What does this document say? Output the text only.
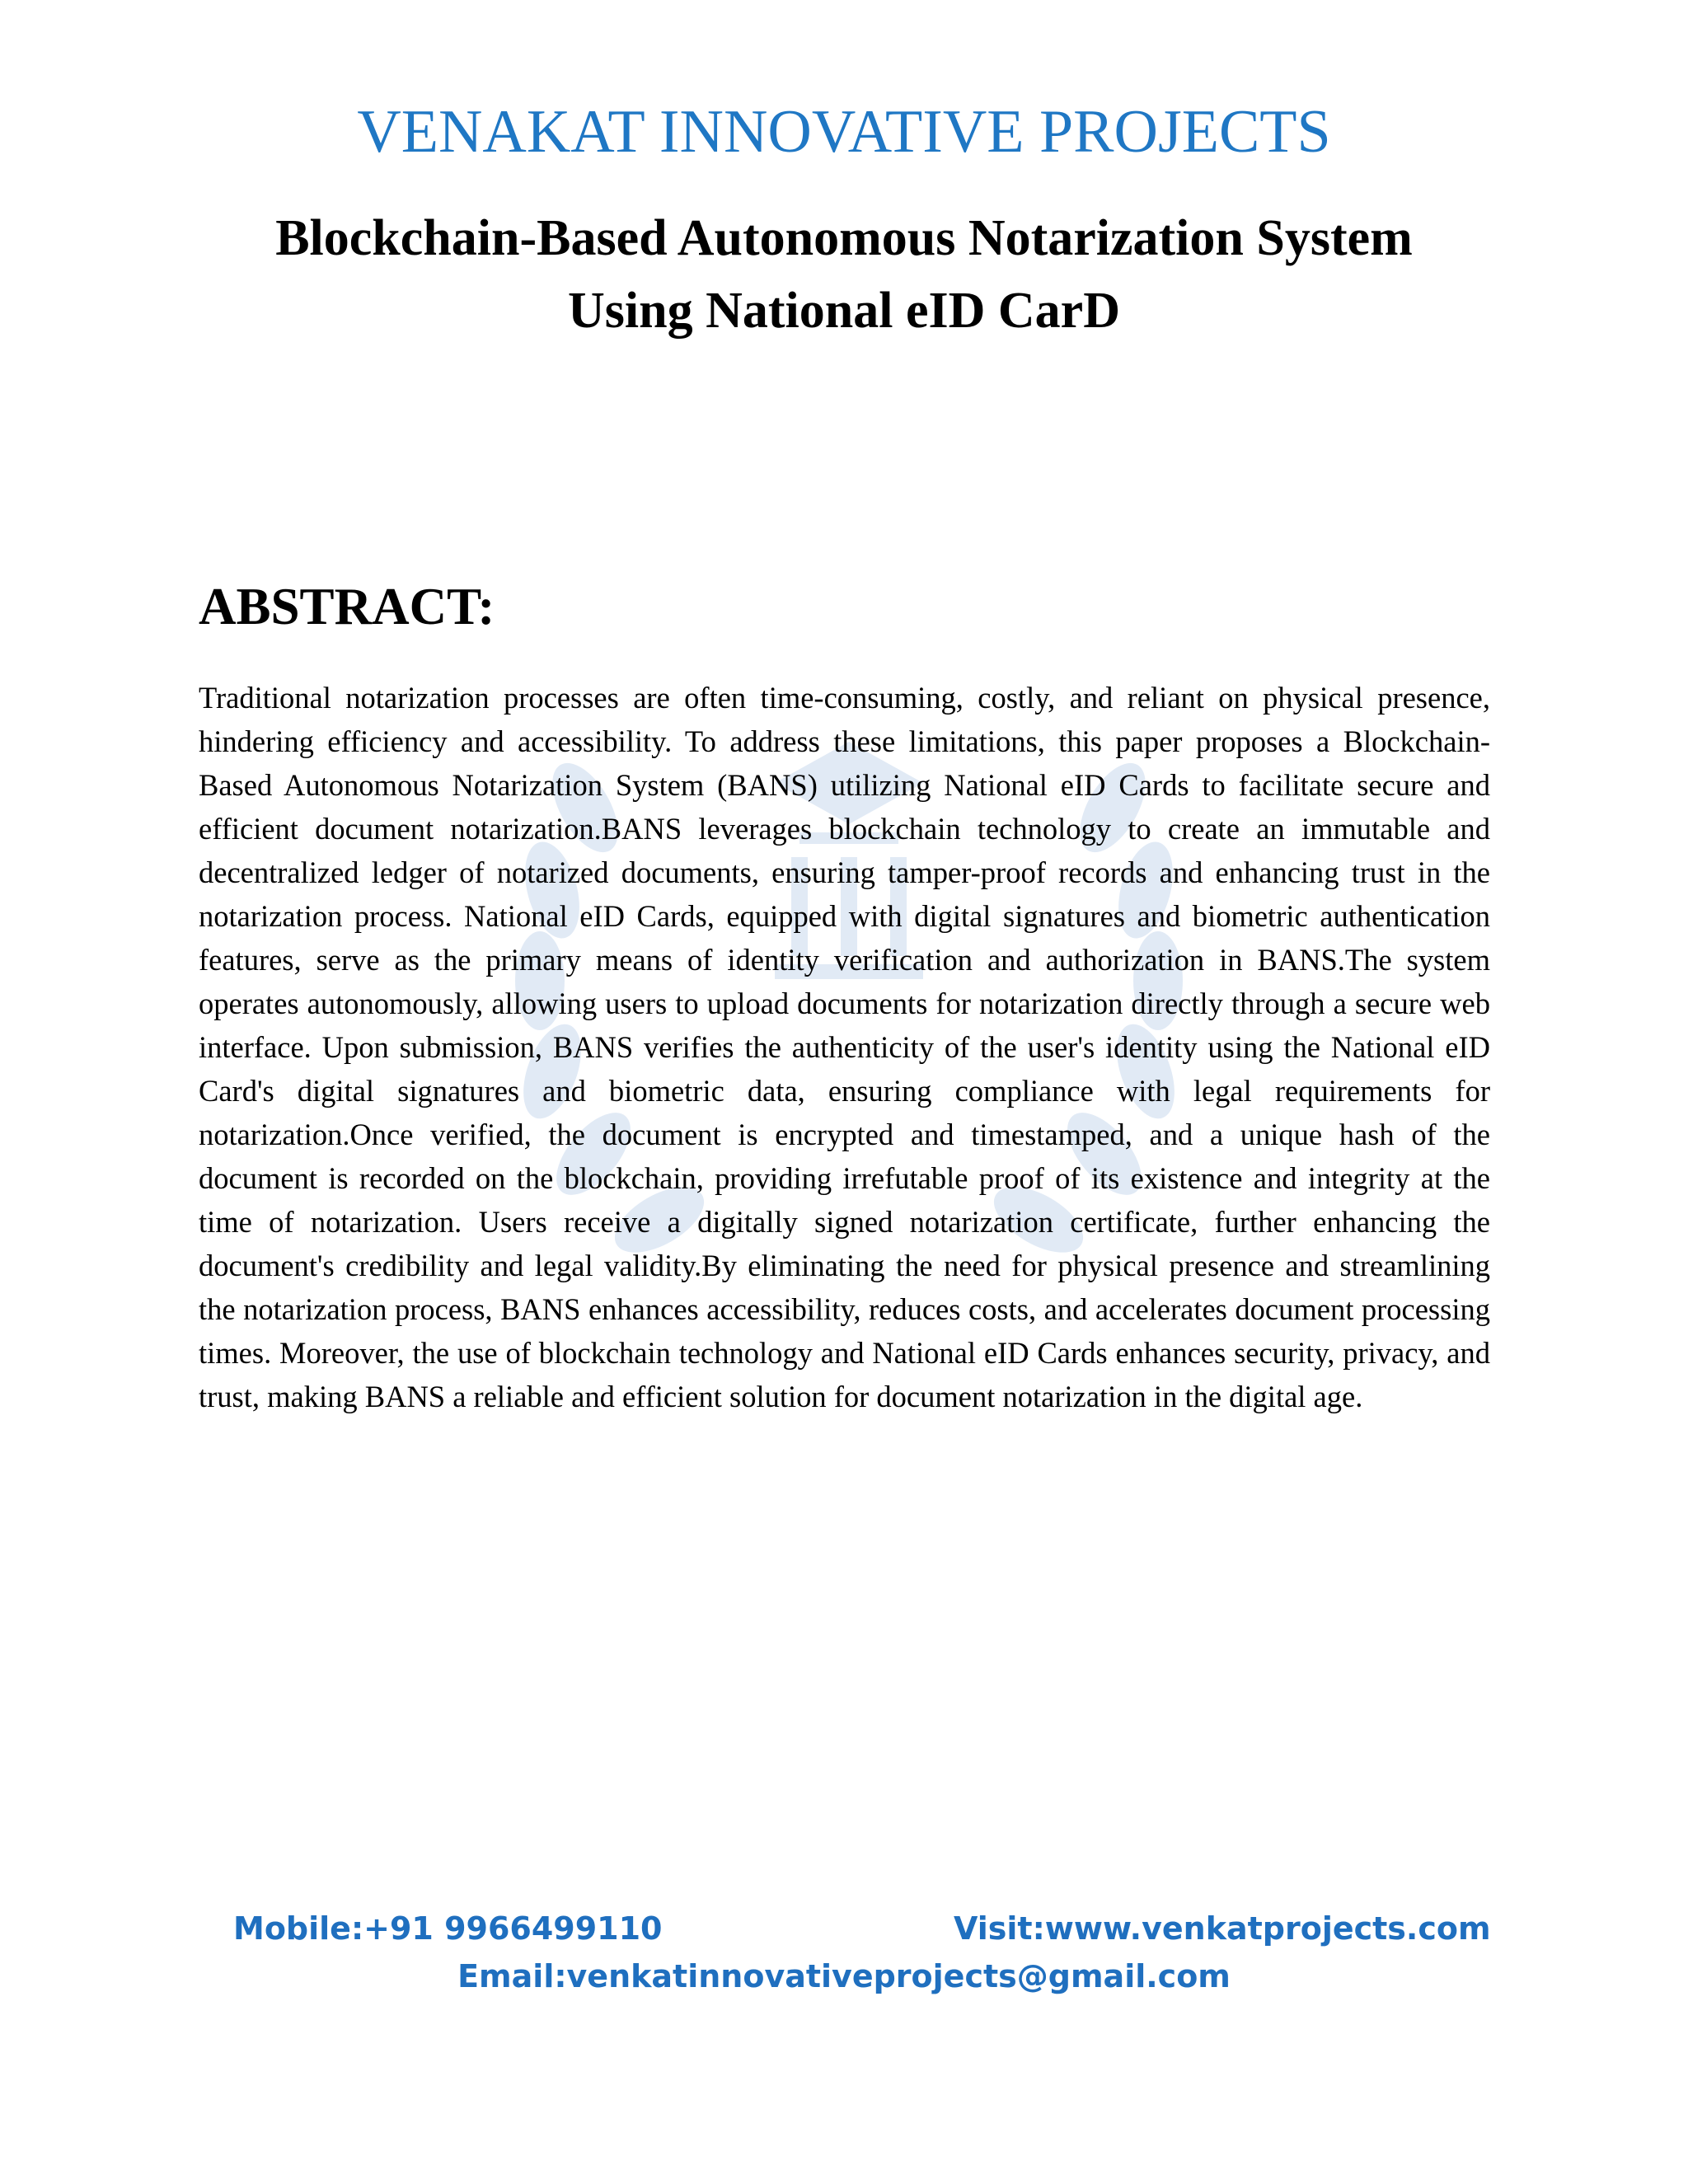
VENAKAT INNOVATIVE PROJECTS
Blockchain-Based Autonomous Notarization System
Using National eID CarD
ABSTRACT:
Traditional notarization processes are often time-consuming, costly, and reliant on physical presence, hindering efficiency and accessibility. To address these limitations, this paper proposes a Blockchain-Based Autonomous Notarization System (BANS) utilizing National eID Cards to facilitate secure and efficient document notarization.BANS leverages blockchain technology to create an immutable and decentralized ledger of notarized documents, ensuring tamper-proof records and enhancing trust in the notarization process. National eID Cards, equipped with digital signatures and biometric authentication features, serve as the primary means of identity verification and authorization in BANS.The system operates autonomously, allowing users to upload documents for notarization directly through a secure web interface. Upon submission, BANS verifies the authenticity of the user's identity using the National eID Card's digital signatures and biometric data, ensuring compliance with legal requirements for notarization.Once verified, the document is encrypted and timestamped, and a unique hash of the document is recorded on the blockchain, providing irrefutable proof of its existence and integrity at the time of notarization. Users receive a digitally signed notarization certificate, further enhancing the document's credibility and legal validity.By eliminating the need for physical presence and streamlining the notarization process, BANS enhances accessibility, reduces costs, and accelerates document processing times. Moreover, the use of blockchain technology and National eID Cards enhances security, privacy, and trust, making BANS a reliable and efficient solution for document notarization in the digital age.
Mobile:+91 9966499110	Visit:www.venkatprojects.com
Email:venkatinnovativeprojects@gmail.com
